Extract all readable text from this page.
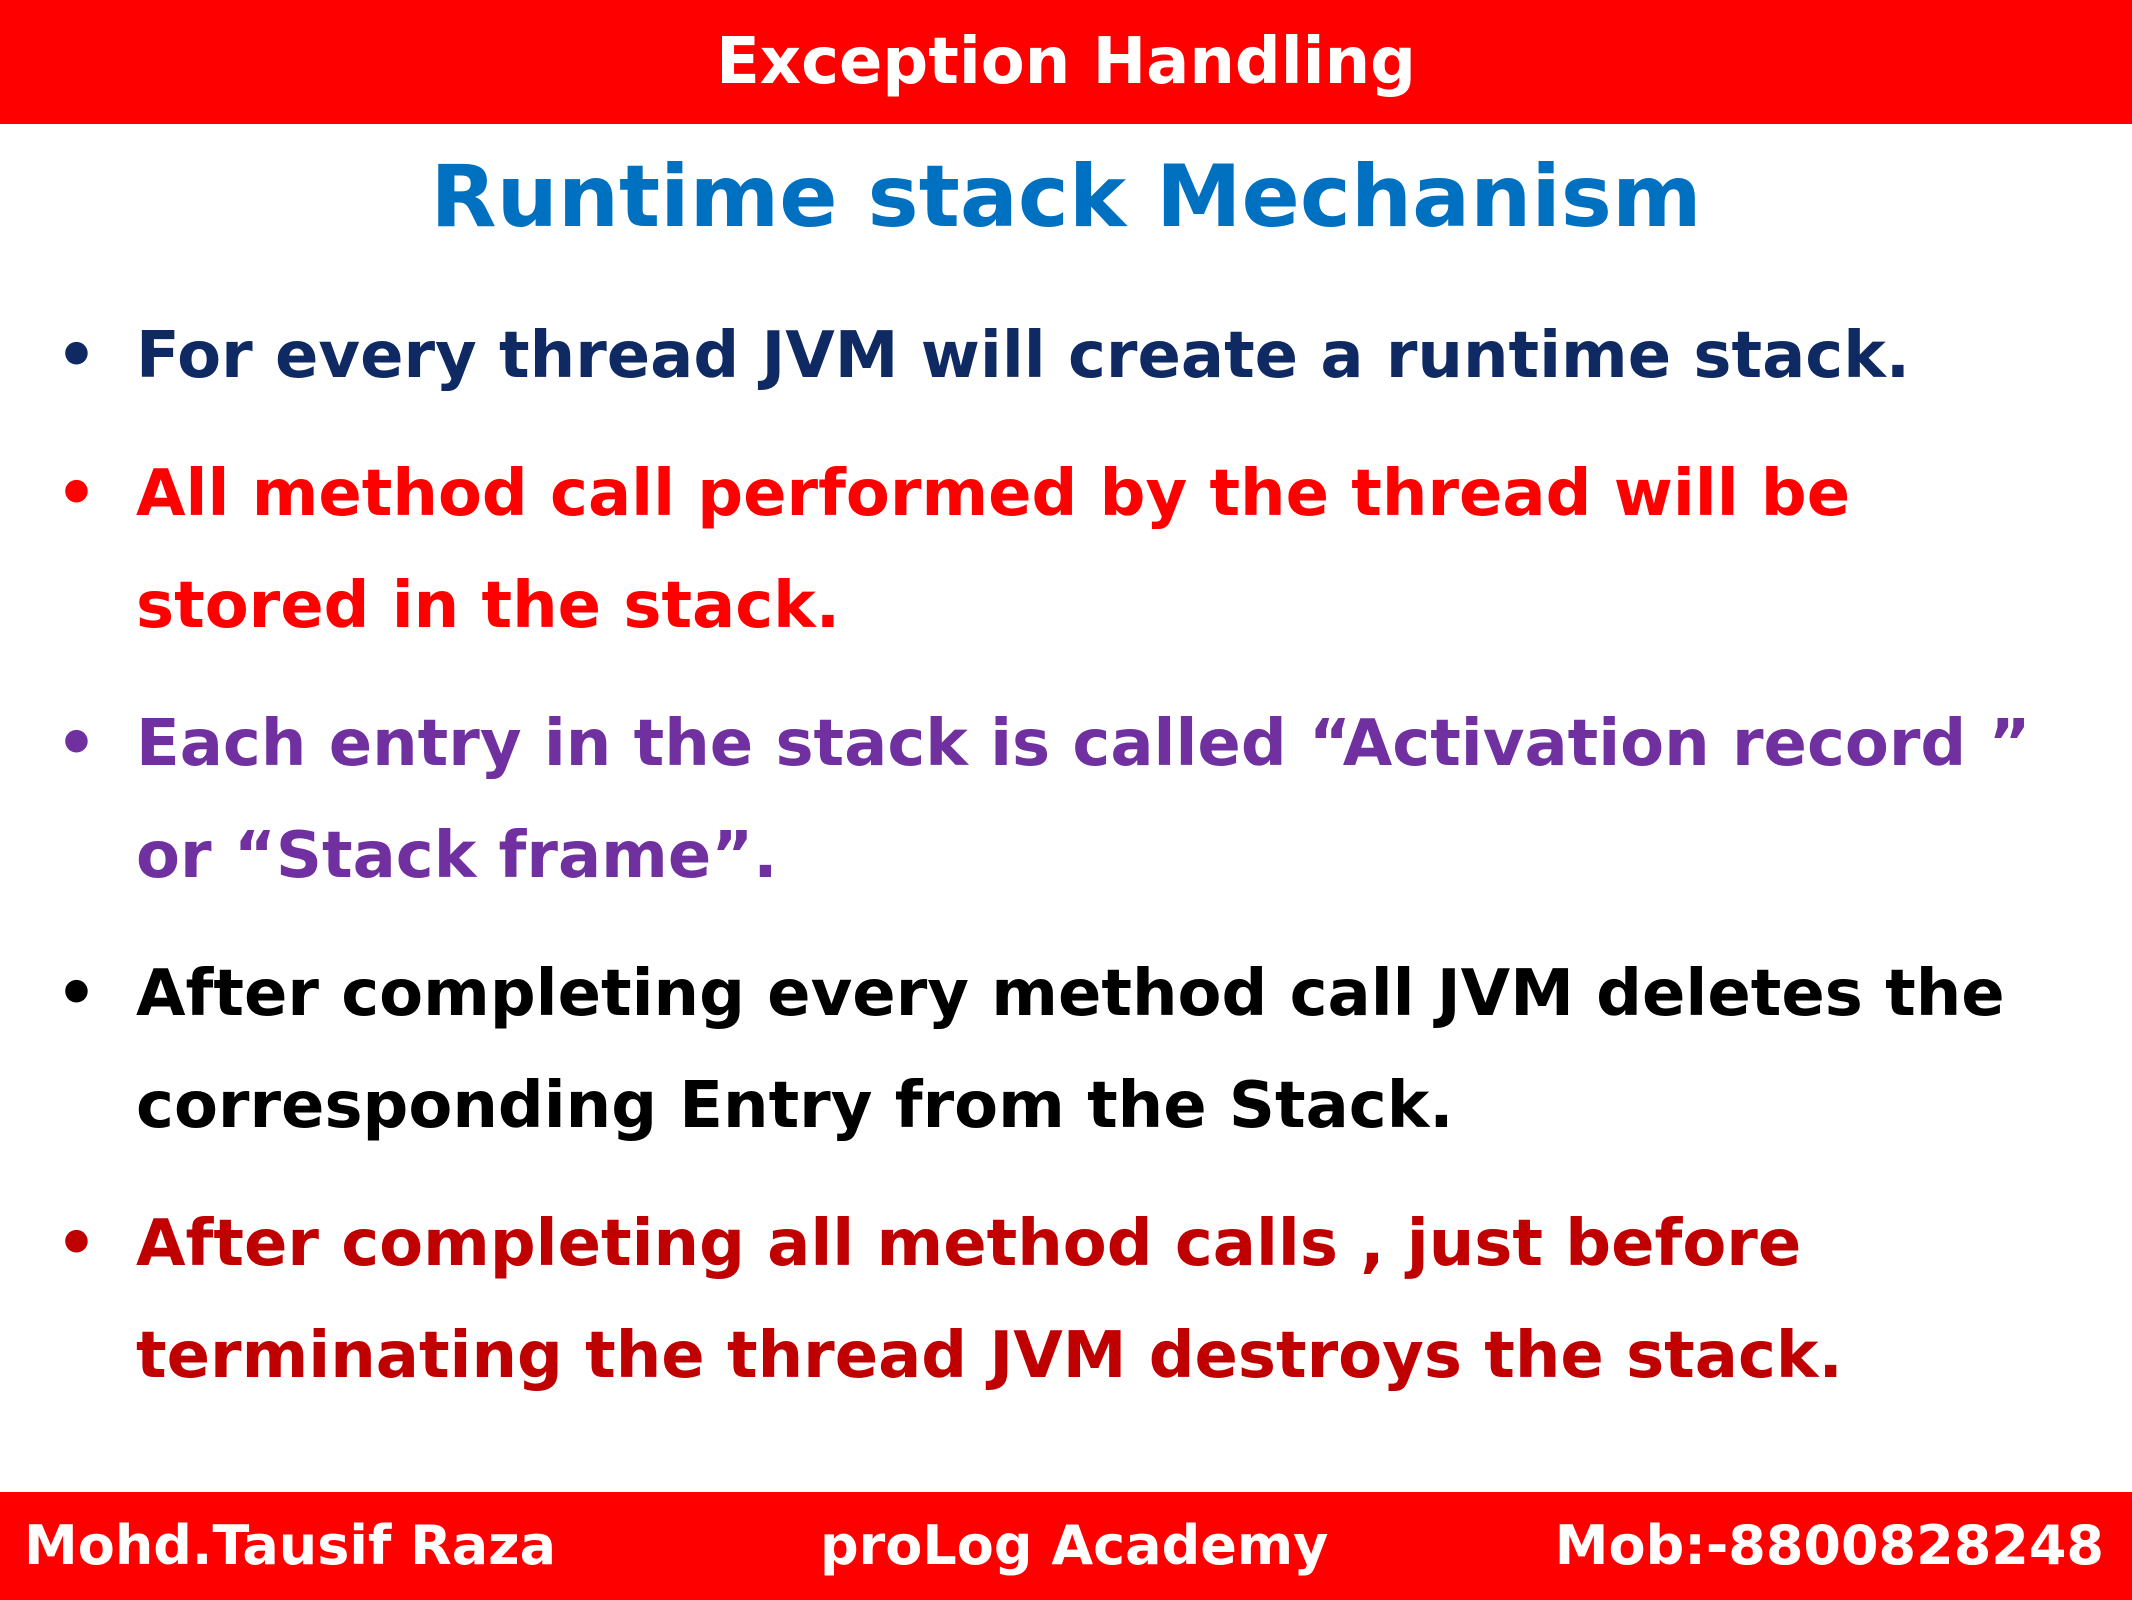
Exception Handling
Runtime stack Mechanism
• For every thread JVM will create a runtime stack.
• All method call performed by the thread will be stored in the stack.
• Each entry in the stack is called “Activation record ” or “Stack frame”.
• After completing every method call JVM deletes the corresponding Entry from the Stack.
• After completing all method calls , just before terminating the thread JVM destroys the stack.
Mohd.Tausif Raza	proLog Academy	Mob:-8800828248
